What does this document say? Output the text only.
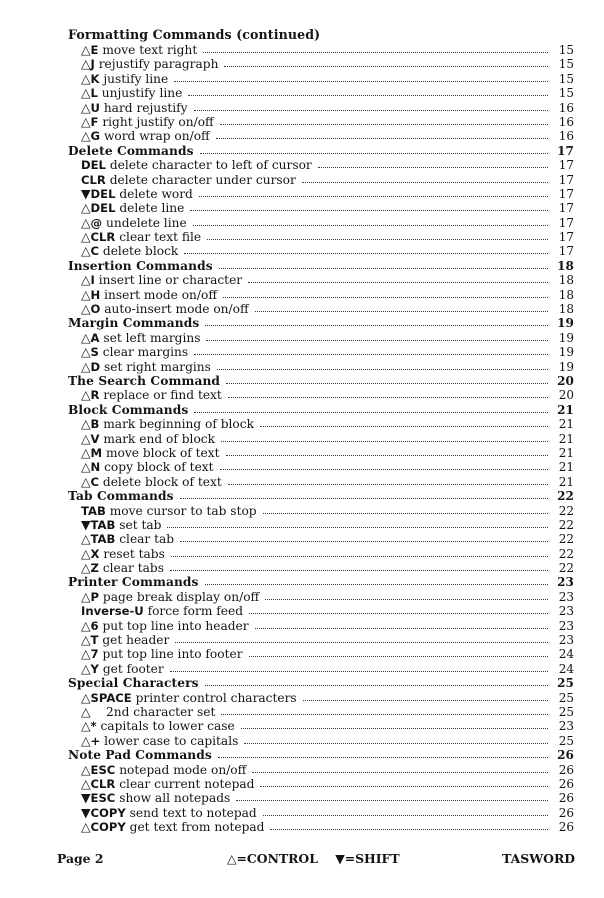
Formatting Commands (continued)
△E move text right	15
△J rejustify paragraph	15
△K justify line	15
△L unjustify line	15
△U hard rejustify	16
△F right justify on/off	16
△G word wrap on/off	16
Delete Commands	17
DEL delete character to left of cursor	17
CLR delete character under cursor	17
▼DEL delete word	17
△DEL delete line	17
△@ undelete line	17
△CLR clear text file	17
△C delete block	17
Insertion Commands	18
△I insert line or character	18
△H insert mode on/off	18
△O auto-insert mode on/off	18
Margin Commands	19
△A set left margins	19
△S clear margins	19
△D set right margins	19
The Search Command	20
△R replace or find text	20
Block Commands	21
△B mark beginning of block	21
△V mark end of block	21
△M move block of text	21
△N copy block of text	21
△C delete block of text	21
Tab Commands	22
TAB move cursor to tab stop	22
▼TAB set tab	22
△TAB clear tab	22
△X reset tabs	22
△Z clear tabs	22
Printer Commands	23
△P page break display on/off	23
Inverse-U force form feed	23
△6 put top line into header	23
△T get header	23
△7 put top line into footer	24
△Y get footer	24
Special Characters	25
△SPACE printer control characters	25
△ 2nd character set	25
△* capitals to lower case	23
△+ lower case to capitals	25
Note Pad Commands	26
△ESC notepad mode on/off	26
△CLR clear current notepad	26
▼ESC show all notepads	26
▼COPY send text to notepad	26
△COPY get text from notepad	26
Page 2	△=CONTROL ▼=SHIFT	TASWORD
